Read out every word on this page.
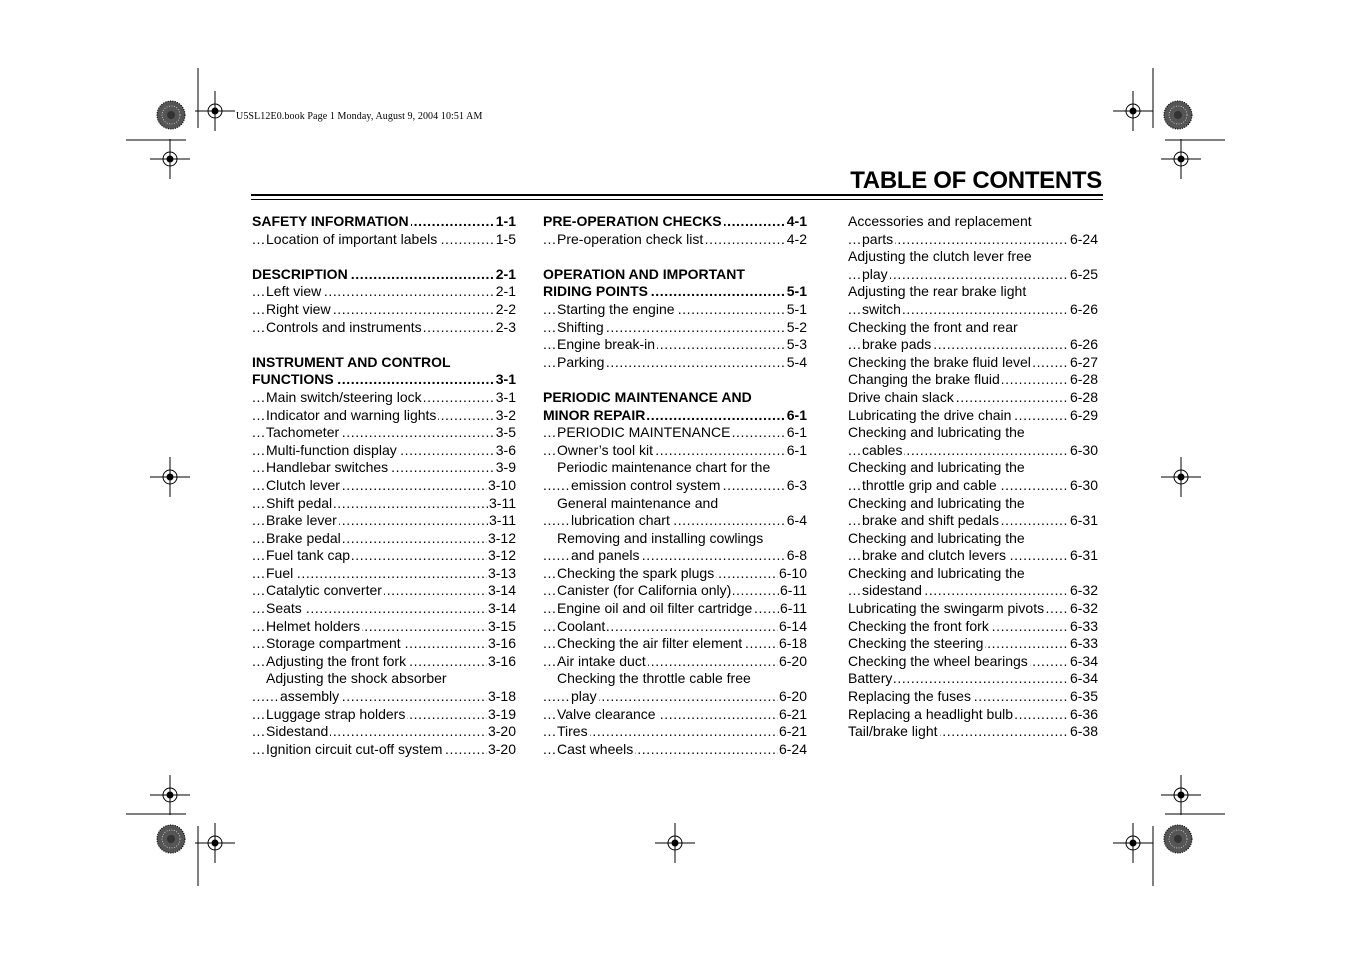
U5SL12E0.book Page 1 Monday, August 9, 2004 10:51 AM
TABLE OF CONTENTS
.....
SAFETY INFORMATION	1-1
.....
Location of important labels	1-5
.....
DESCRIPTION	2-1
.....
Left view	2-1
.....
Right view	2-2
.....
Controls and instruments	2-3
INSTRUMENT AND CONTROL
.....
FUNCTIONS	3-1
.....
Main switch/steering lock	3-1
.....
Indicator and warning lights	3-2
.....
Tachometer	3-5
.....
Multi-function display	3-6
.....
Handlebar switches	3-9
.....
Clutch lever	3-10
.....
Shift pedal	3-11
.....
Brake lever	3-11
.....
Brake pedal	3-12
.....
Fuel tank cap	3-12
.....
Fuel	3-13
.....
Catalytic converter	3-14
.....
Seats	3-14
.....
Helmet holders	3-15
.....
Storage compartment	3-16
.....
Adjusting the front fork	3-16
Adjusting the shock absorber
.....
assembly	3-18
.....
Luggage strap holders	3-19
.....
Sidestand	3-20
.....
Ignition circuit cut-off system	3-20
.....
PRE-OPERATION CHECKS	4-1
.....
Pre-operation check list	4-2
OPERATION AND IMPORTANT
.....
RIDING POINTS	5-1
.....
Starting the engine	5-1
.....
Shifting	5-2
.....
Engine break-in	5-3
.....
Parking	5-4
PERIODIC MAINTENANCE AND
.....
MINOR REPAIR	6-1
.....
PERIODIC MAINTENANCE	6-1
.....
Owner’s tool kit	6-1
Periodic maintenance chart for the
.....
emission control system	6-3
General maintenance and
.....
lubrication chart	6-4
Removing and installing cowlings
.....
and panels	6-8
.....
Checking the spark plugs	6-10
.....
Canister (for California only)	6-11
.....
Engine oil and oil filter cartridge 6-11
.....
Coolant	6-14
.....
Checking the air filter element	6-18
.....
Air intake duct	6-20
Checking the throttle cable free
.....
play	6-20
.....
Valve clearance	6-21
.....
Tires	6-21
.....
Cast wheels	6-24
Accessories and replacement
.....
parts	6-24
Adjusting the clutch lever free
.....
play	6-25
Adjusting the rear brake light
.....
switch	6-26
Checking the front and rear
.....
brake pads	6-26
.....
Checking the brake fluid level	6-27
.....
Changing the brake fluid	6-28
.....
Drive chain slack	6-28
.....
Lubricating the drive chain	6-29
Checking and lubricating the
.....
cables	6-30
Checking and lubricating the
.....
throttle grip and cable	6-30
Checking and lubricating the
.....
brake and shift pedals	6-31
Checking and lubricating the
.....
brake and clutch levers	6-31
Checking and lubricating the
.....
sidestand	6-32
.....
Lubricating the swingarm pivots 6-32
.....
Checking the front fork	6-33
.....
Checking the steering	6-33
.....
Checking the wheel bearings	6-34
.....
Battery	6-34
.....
Replacing the fuses	6-35
.....
Replacing a headlight bulb	6-36
.....
Tail/brake light	6-38
